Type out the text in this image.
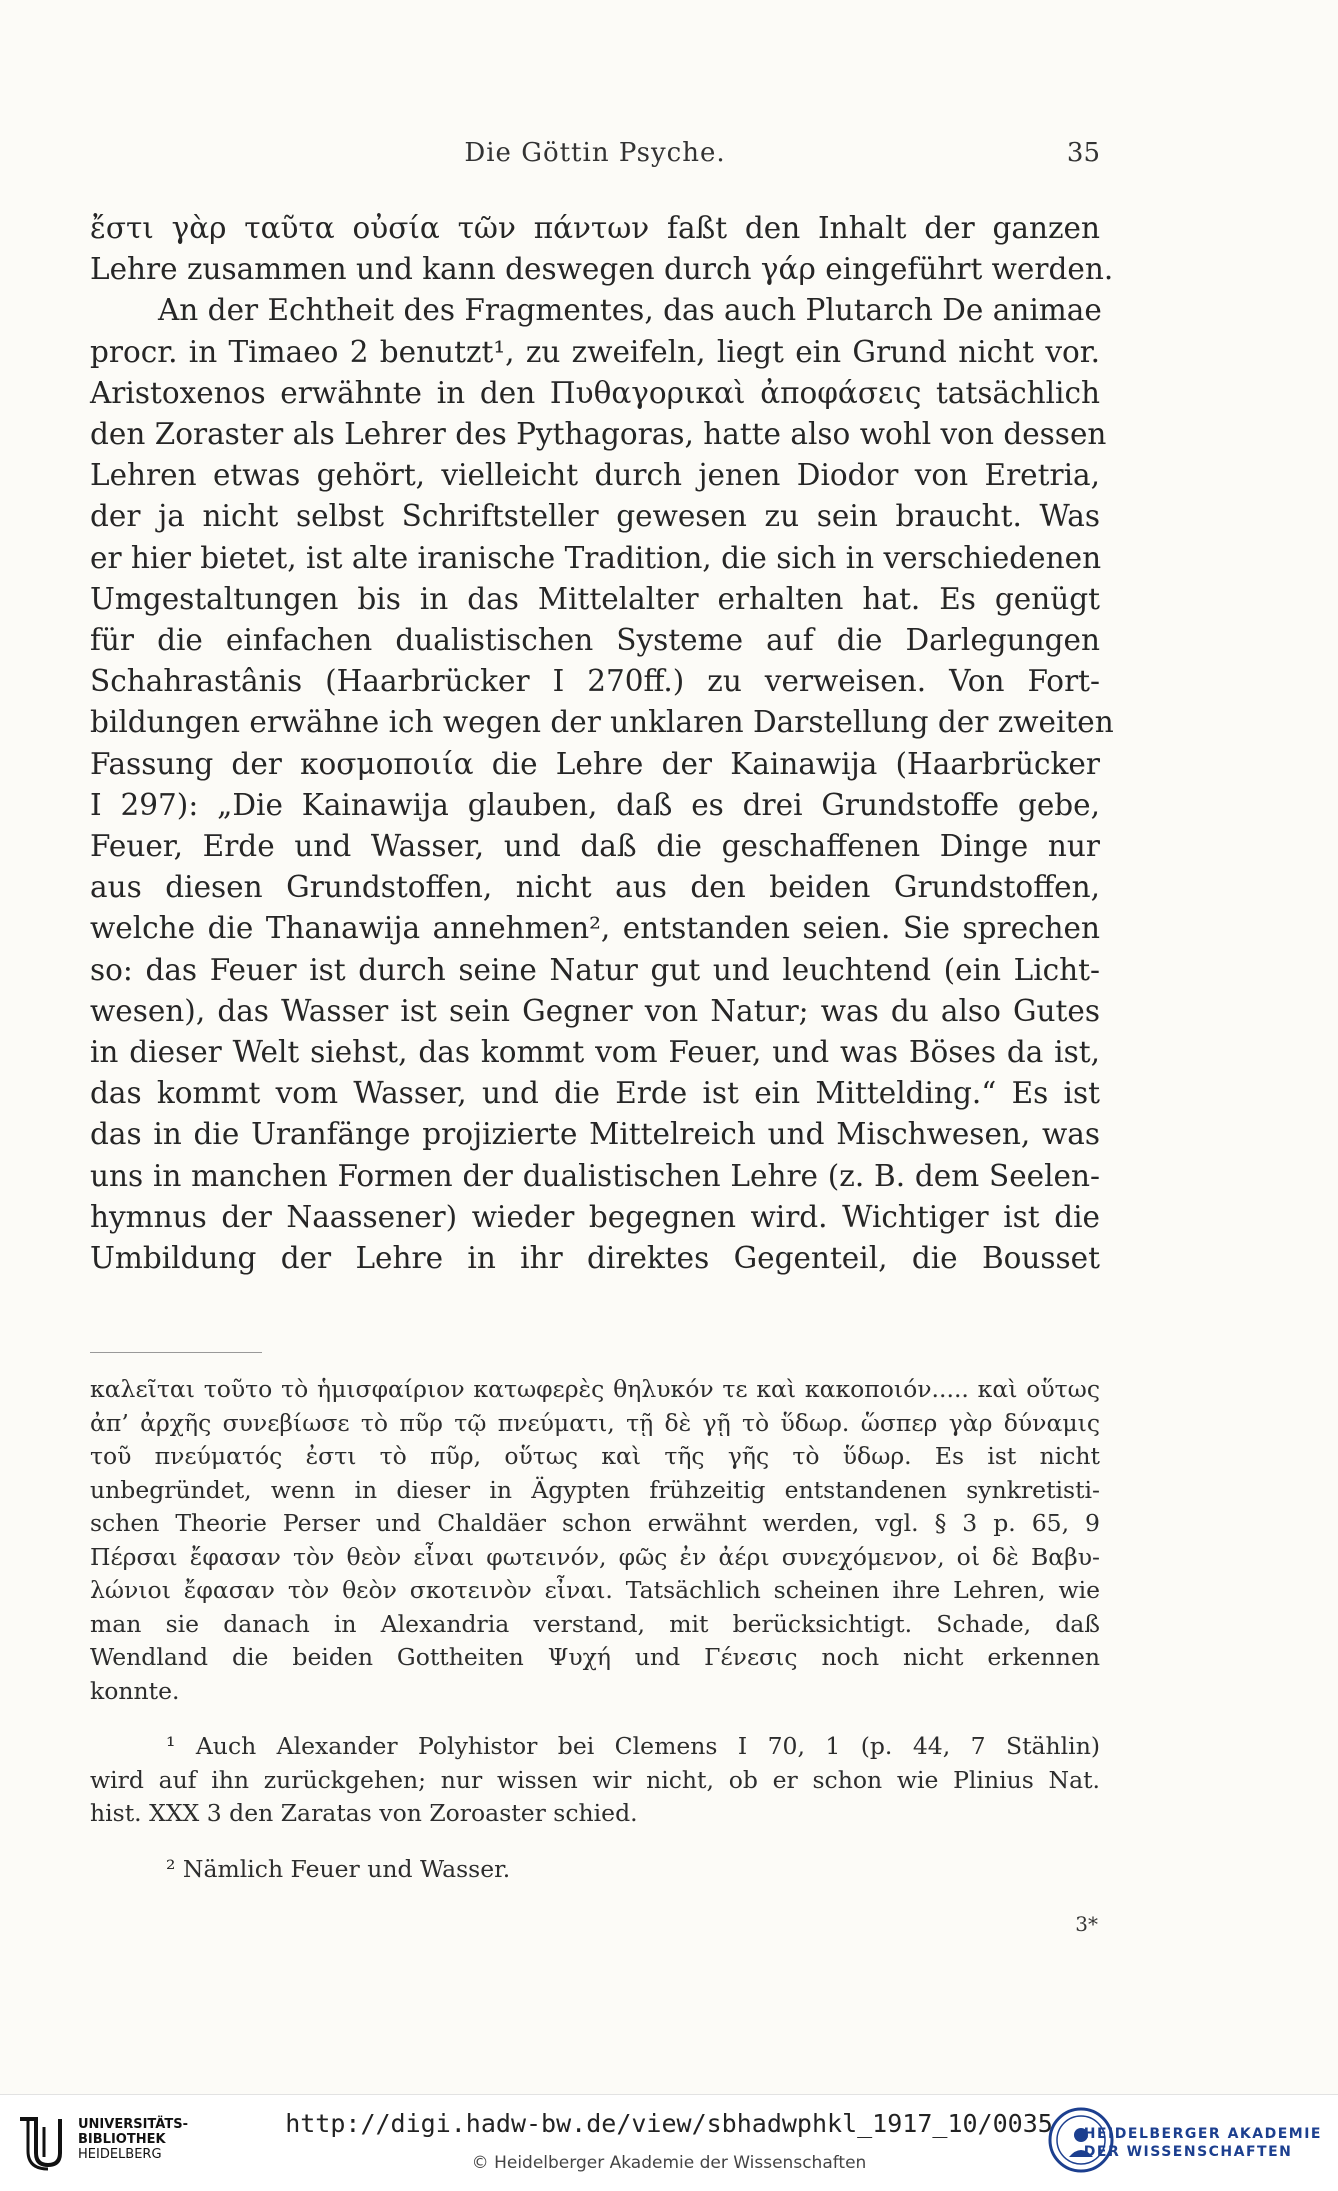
Die Göttin Psyche.	35

ἔστι γὰρ ταῦτα οὐσία τῶν πάντων faßt den Inhalt der ganzen
Lehre zusammen und kann deswegen durch γάρ eingeführt werden.

An der Echtheit des Fragmentes, das auch Plutarch De animae
procr. in Timaeo 2 benutzt¹, zu zweifeln, liegt ein Grund nicht vor.
Aristoxenos erwähnte in den Πυθαγορικαὶ ἀποφάσεις tatsächlich
den Zoraster als Lehrer des Pythagoras, hatte also wohl von dessen
Lehren etwas gehört, vielleicht durch jenen Diodor von Eretria,
der ja nicht selbst Schriftsteller gewesen zu sein braucht. Was
er hier bietet, ist alte iranische Tradition, die sich in verschiedenen
Umgestaltungen bis in das Mittelalter erhalten hat. Es genügt
für die einfachen dualistischen Systeme auf die Darlegungen
Schahrastânis (Haarbrücker I 270ff.) zu verweisen. Von Fort-
bildungen erwähne ich wegen der unklaren Darstellung der zweiten
Fassung der κοσμοποιία die Lehre der Kainawija (Haarbrücker
I 297): „Die Kainawija glauben, daß es drei Grundstoffe gebe,
Feuer, Erde und Wasser, und daß die geschaffenen Dinge nur
aus diesen Grundstoffen, nicht aus den beiden Grundstoffen,
welche die Thanawija annehmen², entstanden seien. Sie sprechen
so: das Feuer ist durch seine Natur gut und leuchtend (ein Licht-
wesen), das Wasser ist sein Gegner von Natur; was du also Gutes
in dieser Welt siehst, das kommt vom Feuer, und was Böses da ist,
das kommt vom Wasser, und die Erde ist ein Mittelding.“ Es ist
das in die Uranfänge projizierte Mittelreich und Mischwesen, was
uns in manchen Formen der dualistischen Lehre (z. B. dem Seelen-
hymnus der Naassener) wieder begegnen wird. Wichtiger ist die
Umbildung der Lehre in ihr direktes Gegenteil, die Bousset

καλεῖται τοῦτο τὸ ἡμισφαίριον κατωφερὲς θηλυκόν τε καὶ κακοποιόν..... καὶ οὕτως
ἀπ’ ἀρχῆς συνεβίωσε τὸ πῦρ τῷ πνεύματι, τῇ δὲ γῇ τὸ ὕδωρ. ὥσπερ γὰρ δύναμις
τοῦ πνεύματός ἐστι τὸ πῦρ, οὕτως καὶ τῆς γῆς τὸ ὕδωρ. Es ist nicht
unbegründet, wenn in dieser in Ägypten frühzeitig entstandenen synkretisti-
schen Theorie Perser und Chaldäer schon erwähnt werden, vgl. § 3 p. 65, 9
Πέρσαι ἔφασαν τὸν θεὸν εἶναι φωτεινόν, φῶς ἐν ἀέρι συνεχόμενον, οἱ δὲ Βαβυ-
λώνιοι ἔφασαν τὸν θεὸν σκοτεινὸν εἶναι. Tatsächlich scheinen ihre Lehren, wie
man sie danach in Alexandria verstand, mit berücksichtigt. Schade, daß
Wendland die beiden Gottheiten Ψυχή und Γένεσις noch nicht erkennen
konnte.
¹ Auch Alexander Polyhistor bei Clemens I 70, 1 (p. 44, 7 Stählin)
wird auf ihn zurückgehen; nur wissen wir nicht, ob er schon wie Plinius Nat.
hist. XXX 3 den Zaratas von Zoroaster schied.
² Nämlich Feuer und Wasser.
3*
UNIVERSITÄTS-
BIBLIOTHEK
HEIDELBERG
http://digi.hadw-bw.de/view/sbhadwphkl_1917_10/0035
© Heidelberger Akademie der Wissenschaften
HEIDELBERGER AKADEMIE
DER WISSENSCHAFTEN
